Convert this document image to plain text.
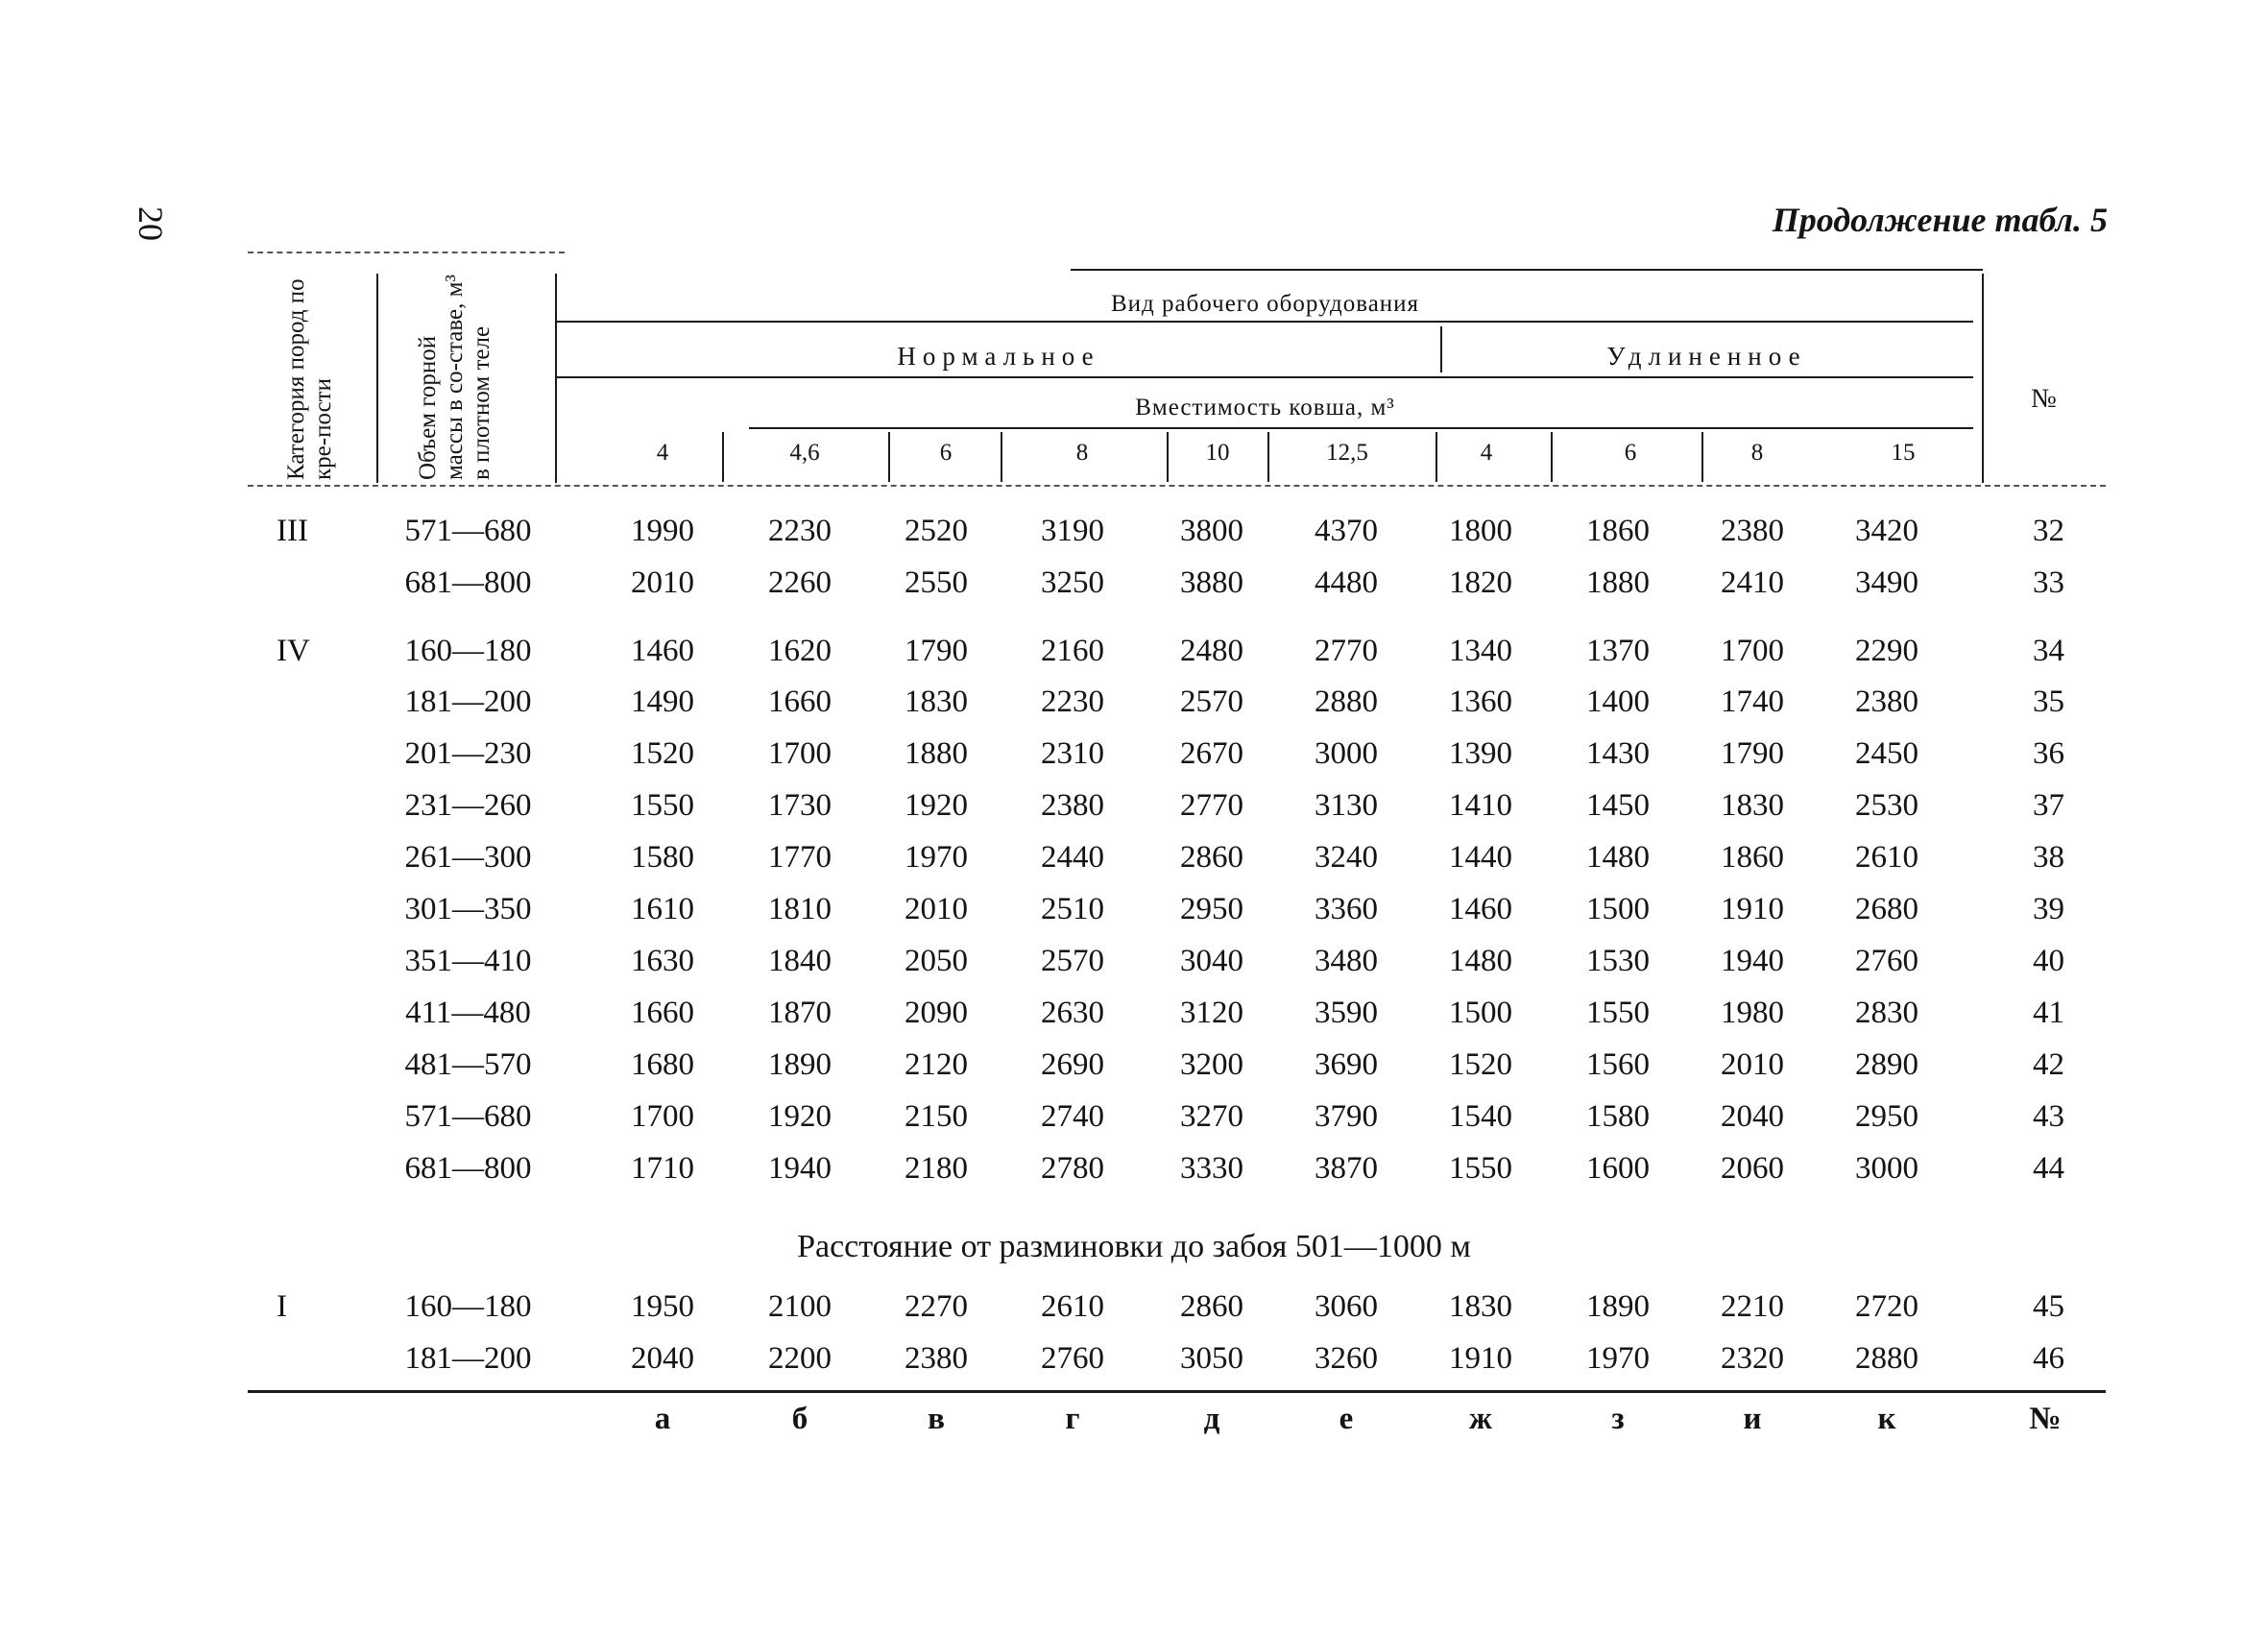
20	Продолжение табл. 5
Категория пород по кре-пости	Объем горной массы в со-ставе, м³ в плотном теле
Вид рабочего оборудования
Нормальное	Удлиненное
Вместимость ковша, м³	№
4	4,6	6	8	10	12,5	4	6	8	15
III	571—680	1990	2230	2520	3190	3800	4370	1800	1860	2380	3420	32
681—800	2010	2260	2550	3250	3880	4480	1820	1880	2410	3490	33
IV	160—180	1460	1620	1790	2160	2480	2770	1340	1370	1700	2290	34
181—200	1490	1660	1830	2230	2570	2880	1360	1400	1740	2380	35
201—230	1520	1700	1880	2310	2670	3000	1390	1430	1790	2450	36
231—260	1550	1730	1920	2380	2770	3130	1410	1450	1830	2530	37
261—300	1580	1770	1970	2440	2860	3240	1440	1480	1860	2610	38
301—350	1610	1810	2010	2510	2950	3360	1460	1500	1910	2680	39
351—410	1630	1840	2050	2570	3040	3480	1480	1530	1940	2760	40
411—480	1660	1870	2090	2630	3120	3590	1500	1550	1980	2830	41
481—570	1680	1890	2120	2690	3200	3690	1520	1560	2010	2890	42
571—680	1700	1920	2150	2740	3270	3790	1540	1580	2040	2950	43
681—800	1710	1940	2180	2780	3330	3870	1550	1600	2060	3000	44
I	160—180	1950	2100	2270	2610	2860	3060	1830	1890	2210	2720	45
181—200	2040	2200	2380	2760	3050	3260	1910	1970	2320	2880	46
Расстояние от разминовки до забоя 501—1000 м
а	б	в	г	д	е	ж	з	и	к	№
